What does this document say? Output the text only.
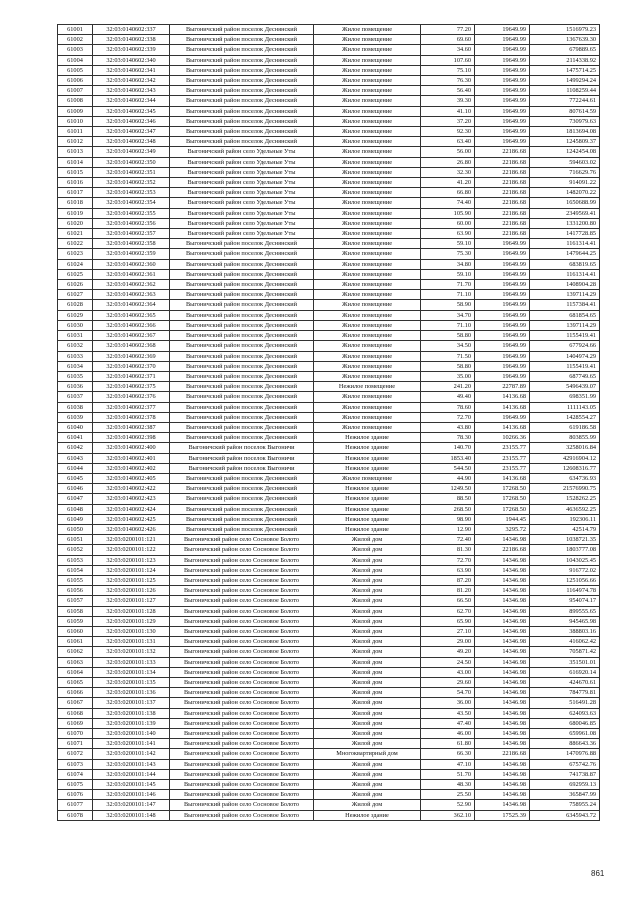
61001	32:03:0140602:337	Выгоничский район поселок Деснянский	Жилое помещение	77.20	19649.99	1516979.23
61002	32:03:0140602:338	Выгоничский район поселок Деснянский	Жилое помещение	69.60	19649.99	1367639.30
61003	32:03:0140602:339	Выгоничский район поселок Деснянский	Жилое помещение	34.60	19649.99	679889.65
61004	32:03:0140602:340	Выгоничский район поселок Деснянский	Жилое помещение	107.60	19649.99	2114338.92
61005	32:03:0140602:341	Выгоничский район поселок Деснянский	Жилое помещение	75.10	19649.99	1475714.25
61006	32:03:0140602:342	Выгоничский район поселок Деснянский	Жилое помещение	76.30	19649.99	1499294.24
61007	32:03:0140602:343	Выгоничский район поселок Деснянский	Жилое помещение	56.40	19649.99	1108259.44
61008	32:03:0140602:344	Выгоничский район поселок Деснянский	Жилое помещение	39.30	19649.99	772244.61
61009	32:03:0140602:345	Выгоничский район поселок Деснянский	Жилое помещение	41.10	19649.99	807614.59
61010	32:03:0140602:346	Выгоничский район поселок Деснянский	Жилое помещение	37.20	19649.99	730979.63
61011	32:03:0140602:347	Выгоничский район поселок Деснянский	Жилое помещение	92.30	19649.99	1813694.08
61012	32:03:0140602:348	Выгоничский район поселок Деснянский	Жилое помещение	63.40	19649.99	1245809.37
61013	32:03:0140602:349	Выгоничский район село Удельные Уты	Жилое помещение	56.00	22186.68	1242454.08
61014	32:03:0140602:350	Выгоничский район село Удельные Уты	Жилое помещение	26.80	22186.68	594603.02
61015	32:03:0140602:351	Выгоничский район село Удельные Уты	Жилое помещение	32.30	22186.68	716629.76
61016	32:03:0140602:352	Выгоничский район село Удельные Уты	Жилое помещение	41.20	22186.68	914091.22
61017	32:03:0140602:353	Выгоничский район село Удельные Уты	Жилое помещение	66.80	22186.68	1482070.22
61018	32:03:0140602:354	Выгоничский район село Удельные Уты	Жилое помещение	74.40	22186.68	1650688.99
61019	32:03:0140602:355	Выгоничский район село Удельные Уты	Жилое помещение	105.90	22186.68	2349569.41
61020	32:03:0140602:356	Выгоничский район село Удельные Уты	Жилое помещение	60.00	22186.68	1331200.80
61021	32:03:0140602:357	Выгоничский район село Удельные Уты	Жилое помещение	63.90	22186.68	1417728.85
61022	32:03:0140602:358	Выгоничский район поселок Деснянский	Жилое помещение	59.10	19649.99	1161314.41
61023	32:03:0140602:359	Выгоничский район поселок Деснянский	Жилое помещение	75.30	19649.99	1479644.25
61024	32:03:0140602:360	Выгоничский район поселок Деснянский	Жилое помещение	34.80	19649.99	683819.65
61025	32:03:0140602:361	Выгоничский район поселок Деснянский	Жилое помещение	59.10	19649.99	1161314.41
61026	32:03:0140602:362	Выгоничский район поселок Деснянский	Жилое помещение	71.70	19649.99	1408904.28
61027	32:03:0140602:363	Выгоничский район поселок Деснянский	Жилое помещение	71.10	19649.99	1397114.29
61028	32:03:0140602:364	Выгоничский район поселок Деснянский	Жилое помещение	58.90	19649.99	1157384.41
61029	32:03:0140602:365	Выгоничский район поселок Деснянский	Жилое помещение	34.70	19649.99	681854.65
61030	32:03:0140602:366	Выгоничский район поселок Деснянский	Жилое помещение	71.10	19649.99	1397114.29
61031	32:03:0140602:367	Выгоничский район поселок Деснянский	Жилое помещение	58.80	19649.99	1155419.41
61032	32:03:0140602:368	Выгоничский район поселок Деснянский	Жилое помещение	34.50	19649.99	677924.66
61033	32:03:0140602:369	Выгоничский район поселок Деснянский	Жилое помещение	71.50	19649.99	1404974.29
61034	32:03:0140602:370	Выгоничский район поселок Деснянский	Жилое помещение	58.80	19649.99	1155419.41
61035	32:03:0140602:371	Выгоничский район поселок Деснянский	Жилое помещение	35.00	19649.99	687749.65
61036	32:03:0140602:375	Выгоничский район поселок Деснянский	Нежилое помещение	241.20	22787.89	5496439.07
61037	32:03:0140602:376	Выгоничский район поселок Деснянский	Жилое помещение	49.40	14136.68	698351.99
61038	32:03:0140602:377	Выгоничский район поселок Деснянский	Жилое помещение	78.60	14136.68	1111143.05
61039	32:03:0140602:378	Выгоничский район поселок Деснянский	Жилое помещение	72.70	19649.99	1428554.27
61040	32:03:0140602:387	Выгоничский район поселок Деснянский	Жилое помещение	43.80	14136.68	619186.58
61041	32:03:0140602:398	Выгоничский район поселок Деснянский	Нежилое здание	78.30	10266.36	803855.99
61042	32:03:0140602:400	Выгоничский район поселок Выгоничи	Нежилое здание	140.70	23155.77	3258016.84
61043	32:03:0140602:401	Выгоничский район поселок Выгоничи	Нежилое здание	1853.40	23155.77	42916904.12
61044	32:03:0140602:402	Выгоничский район поселок Выгоничи	Нежилое здание	544.50	23155.77	12608316.77
61045	32:03:0140602:405	Выгоничский район поселок Деснянский	Жилое помещение	44.90	14136.68	634736.93
61046	32:03:0140602:422	Выгоничский район поселок Деснянский	Нежилое здание	1249.50	17268.50	21576990.75
61047	32:03:0140602:423	Выгоничский район поселок Деснянский	Нежилое здание	88.50	17268.50	1528262.25
61048	32:03:0140602:424	Выгоничский район поселок Деснянский	Нежилое здание	268.50	17268.50	4636592.25
61049	32:03:0140602:425	Выгоничский район поселок Деснянский	Нежилое здание	98.90	1944.45	192306.11
61050	32:03:0140602:426	Выгоничский район поселок Деснянский	Нежилое здание	12.90	3295.72	42514.79
61051	32:03:0200101:121	Выгоничский район село Сосновое Болото	Жилой дом	72.40	14346.98	1038721.35
61052	32:03:0200101:122	Выгоничский район село Сосновое Болото	Жилой дом	81.30	22186.68	1803777.08
61053	32:03:0200101:123	Выгоничский район село Сосновое Болото	Жилой дом	72.70	14346.98	1043025.45
61054	32:03:0200101:124	Выгоничский район село Сосновое Болото	Жилой дом	63.90	14346.98	916772.02
61055	32:03:0200101:125	Выгоничский район село Сосновое Болото	Жилой дом	87.20	14346.98	1251056.66
61056	32:03:0200101:126	Выгоничский район село Сосновое Болото	Жилой дом	81.20	14346.98	1164974.78
61057	32:03:0200101:127	Выгоничский район село Сосновое Болото	Жилой дом	66.50	14346.98	954074.17
61058	32:03:0200101:128	Выгоничский район село Сосновое Болото	Жилой дом	62.70	14346.98	899555.65
61059	32:03:0200101:129	Выгоничский район село Сосновое Болото	Жилой дом	65.90	14346.98	945465.98
61060	32:03:0200101:130	Выгоничский район село Сосновое Болото	Жилой дом	27.10	14346.98	388803.16
61061	32:03:0200101:131	Выгоничский район село Сосновое Болото	Жилой дом	29.00	14346.98	416062.42
61062	32:03:0200101:132	Выгоничский район село Сосновое Болото	Жилой дом	49.20	14346.98	705871.42
61063	32:03:0200101:133	Выгоничский район село Сосновое Болото	Жилой дом	24.50	14346.98	351501.01
61064	32:03:0200101:134	Выгоничский район село Сосновое Болото	Жилой дом	43.00	14346.98	616920.14
61065	32:03:0200101:135	Выгоничский район село Сосновое Болото	Жилой дом	29.60	14346.98	424670.61
61066	32:03:0200101:136	Выгоничский район село Сосновое Болото	Жилой дом	54.70	14346.98	784779.81
61067	32:03:0200101:137	Выгоничский район село Сосновое Болото	Жилой дом	36.00	14346.98	516491.28
61068	32:03:0200101:138	Выгоничский район село Сосновое Болото	Жилой дом	43.50	14346.98	624093.63
61069	32:03:0200101:139	Выгоничский район село Сосновое Болото	Жилой дом	47.40	14346.98	680046.85
61070	32:03:0200101:140	Выгоничский район село Сосновое Болото	Жилой дом	46.00	14346.98	659961.08
61071	32:03:0200101:141	Выгоничский район село Сосновое Болото	Жилой дом	61.80	14346.98	886643.36
61072	32:03:0200101:142	Выгоничский район село Сосновое Болото	Многоквартирный дом	66.30	22186.68	1470976.88
61073	32:03:0200101:143	Выгоничский район село Сосновое Болото	Жилой дом	47.10	14346.98	675742.76
61074	32:03:0200101:144	Выгоничский район село Сосновое Болото	Жилой дом	51.70	14346.98	741738.87
61075	32:03:0200101:145	Выгоничский район село Сосновое Болото	Жилой дом	48.30	14346.98	692959.13
61076	32:03:0200101:146	Выгоничский район село Сосновое Болото	Жилой дом	25.50	14346.98	365847.99
61077	32:03:0200101:147	Выгоничский район село Сосновое Болото	Жилой дом	52.90	14346.98	758955.24
61078	32:03:0200101:148	Выгоничский район село Сосновое Болото	Нежилое здание	362.10	17525.39	6345943.72
861
